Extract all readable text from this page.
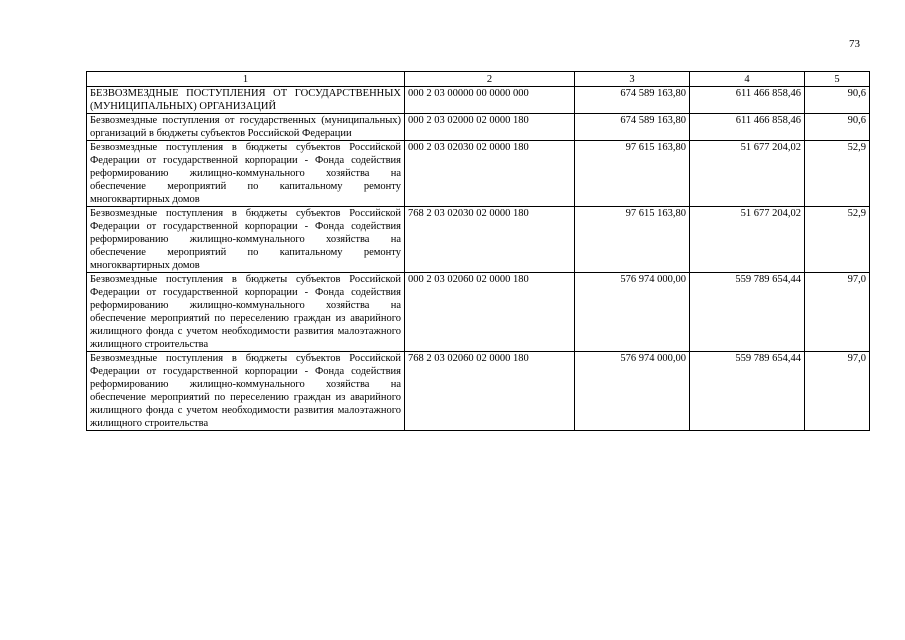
73
1	2	3	4	5
БЕЗВОЗМЕЗДНЫЕ ПОСТУПЛЕНИЯ ОТ ГОСУДАРСТВЕННЫХ (МУНИЦИПАЛЬНЫХ) ОРГАНИЗАЦИЙ	000 2 03 00000 00 0000 000	674 589 163,80	611 466 858,46	90,6
Безвозмездные поступления от государственных (муниципальных) организаций в бюджеты субъектов Российской Федерации	000 2 03 02000 02 0000 180	674 589 163,80	611 466 858,46	90,6
Безвозмездные поступления в бюджеты субъектов Российской Федерации от государственной корпорации - Фонда содействия реформированию жилищно-коммунального хозяйства на обеспечение мероприятий по капитальному ремонту многоквартирных домов	000 2 03 02030 02 0000 180	97 615 163,80	51 677 204,02	52,9
Безвозмездные поступления в бюджеты субъектов Российской Федерации от государственной корпорации - Фонда содействия реформированию жилищно-коммунального хозяйства на обеспечение мероприятий по капитальному ремонту многоквартирных домов	768 2 03 02030 02 0000 180	97 615 163,80	51 677 204,02	52,9
Безвозмездные поступления в бюджеты субъектов Российской Федерации от государственной корпорации - Фонда содействия реформированию жилищно-коммунального хозяйства на обеспечение мероприятий по переселению граждан из аварийного жилищного фонда с учетом необходимости развития малоэтажного жилищного строительства	000 2 03 02060 02 0000 180	576 974 000,00	559 789 654,44	97,0
Безвозмездные поступления в бюджеты субъектов Российской Федерации от государственной корпорации - Фонда содействия реформированию жилищно-коммунального хозяйства на обеспечение мероприятий по переселению граждан из аварийного жилищного фонда с учетом необходимости развития малоэтажного жилищного строительства	768 2 03 02060 02 0000 180	576 974 000,00	559 789 654,44	97,0
